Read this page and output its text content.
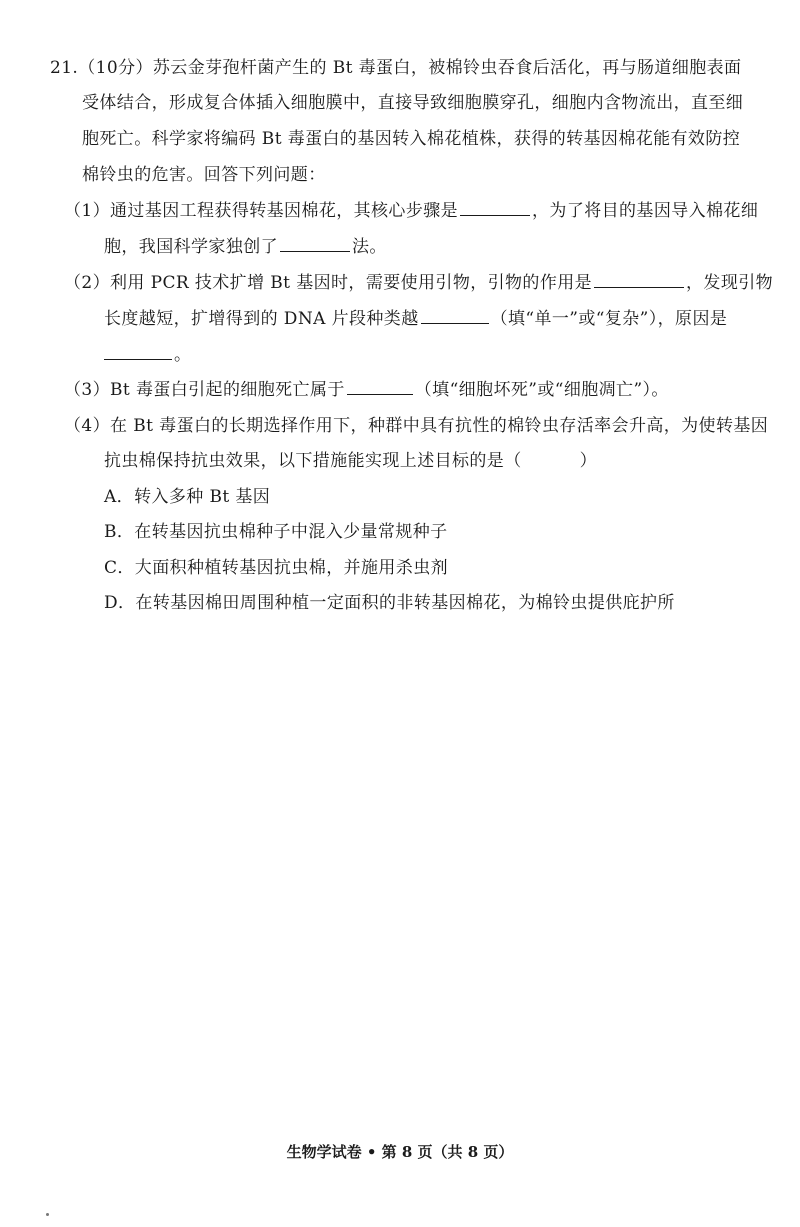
21.（10分）苏云金芽孢杆菌产生的 Bt 毒蛋白，被棉铃虫吞食后活化，再与肠道细胞表面
受体结合，形成复合体插入细胞膜中，直接导致细胞膜穿孔，细胞内含物流出，直至细
胞死亡。科学家将编码 Bt 毒蛋白的基因转入棉花植株，获得的转基因棉花能有效防控
棉铃虫的危害。回答下列问题：
（1）通过基因工程获得转基因棉花，其核心步骤是	，为了将目的基因导入棉花细
胞，我国科学家独创了	法。
（2）利用 PCR 技术扩增 Bt 基因时，需要使用引物，引物的作用是	，发现引物
长度越短，扩增得到的 DNA 片段种类越	（填“单一”或“复杂”），原因是
。
（3）Bt 毒蛋白引起的细胞死亡属于	（填“细胞坏死”或“细胞凋亡”）。
（4）在 Bt 毒蛋白的长期选择作用下，种群中具有抗性的棉铃虫存活率会升高，为使转基因
抗虫棉保持抗虫效果，以下措施能实现上述目标的是（	）
A．转入多种 Bt 基因
B．在转基因抗虫棉种子中混入少量常规种子
C．大面积种植转基因抗虫棉，并施用杀虫剂
D．在转基因棉田周围种植一定面积的非转基因棉花，为棉铃虫提供庇护所
生物学试卷 • 第 8 页（共 8 页）
